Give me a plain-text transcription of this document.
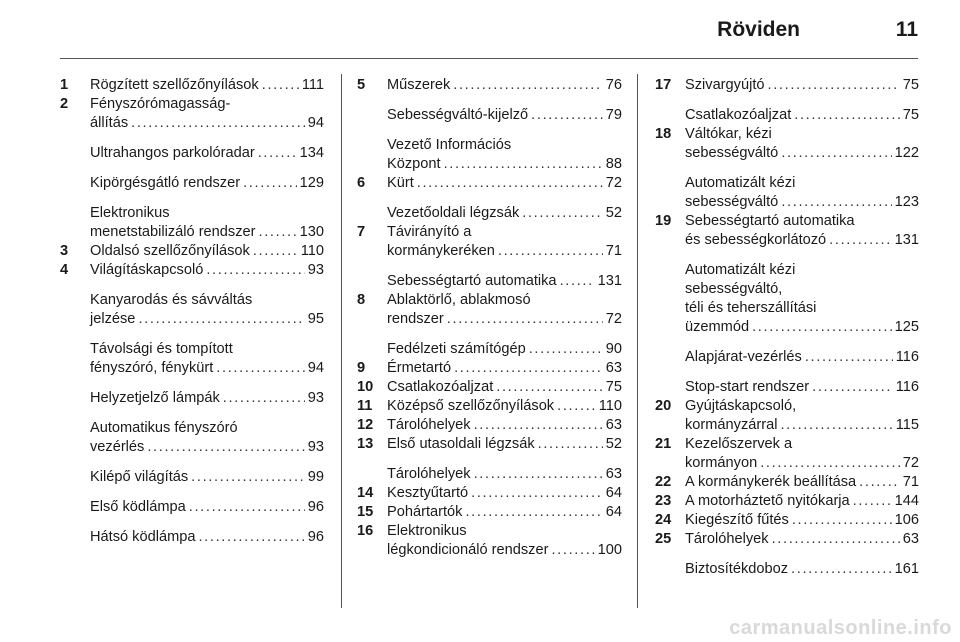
Röviden	11
1 Rögzített szellőzőnyílások . . .	111
2 Fényszórómagasság-
állítás . . .	94
Ultrahangos parkolóradar . . .	134
Kipörgésgátló rendszer . . .	129
Elektronikus
menetstabilizáló rendszer . . .	130
3 Oldalsó szellőzőnyílások . . .	110
4 Világításkapcsoló . . .	93
Kanyarodás és sávváltás
jelzése . . .	95
Távolsági és tompított
fényszóró, fénykürt . . .	94
Helyzetjelző lámpák . . .	93
Automatikus fényszóró
vezérlés . . .	93
Kilépő világítás . . .	99
Első ködlámpa . . .	96
Hátsó ködlámpa . . .	96
5 Műszerek . . .	76
Sebességváltó-kijelző . . .	79
Vezető Információs
Központ . . .	88
6 Kürt . . .	72
Vezetőoldali légzsák . . .	52
7 Távirányító a
kormánykeréken . . .	71
Sebességtartó automatika . . .	131
8 Ablaktörlő, ablakmosó
rendszer . . .	72
Fedélzeti számítógép . . .	90
9 Érmetartó . . .	63
10 Csatlakozóaljzat . . .	75
11 Középső szellőzőnyílások . . .	110
12 Tárolóhelyek . . .	63
13 Első utasoldali légzsák . . .	52
Tárolóhelyek . . .	63
14 Kesztyűtartó . . .	64
15 Pohártartók . . .	64
16 Elektronikus
légkondicionáló rendszer . . .	100
17 Szivargyújtó . . .	75
Csatlakozóaljzat . . .	75
18 Váltókar, kézi
sebességváltó . . .	122
Automatizált kézi
sebességváltó . . .	123
19 Sebességtartó automatika
és sebességkorlátozó . . .	131
Automatizált kézi
sebességváltó,
téli és teherszállítási
üzemmód . . .	125
Alapjárat-vezérlés . . .	116
Stop-start rendszer . . .	116
20 Gyújtáskapcsoló,
kormányzárral . . .	115
21 Kezelőszervek a
kormányon . . .	72
22 A kormánykerék beállítása . . .	71
23 A motorháztető nyitókarja . . .	144
24 Kiegészítő fűtés . . .	106
25 Tárolóhelyek . . .	63
Biztosítékdoboz . . .	161
carmanualsonline.info
